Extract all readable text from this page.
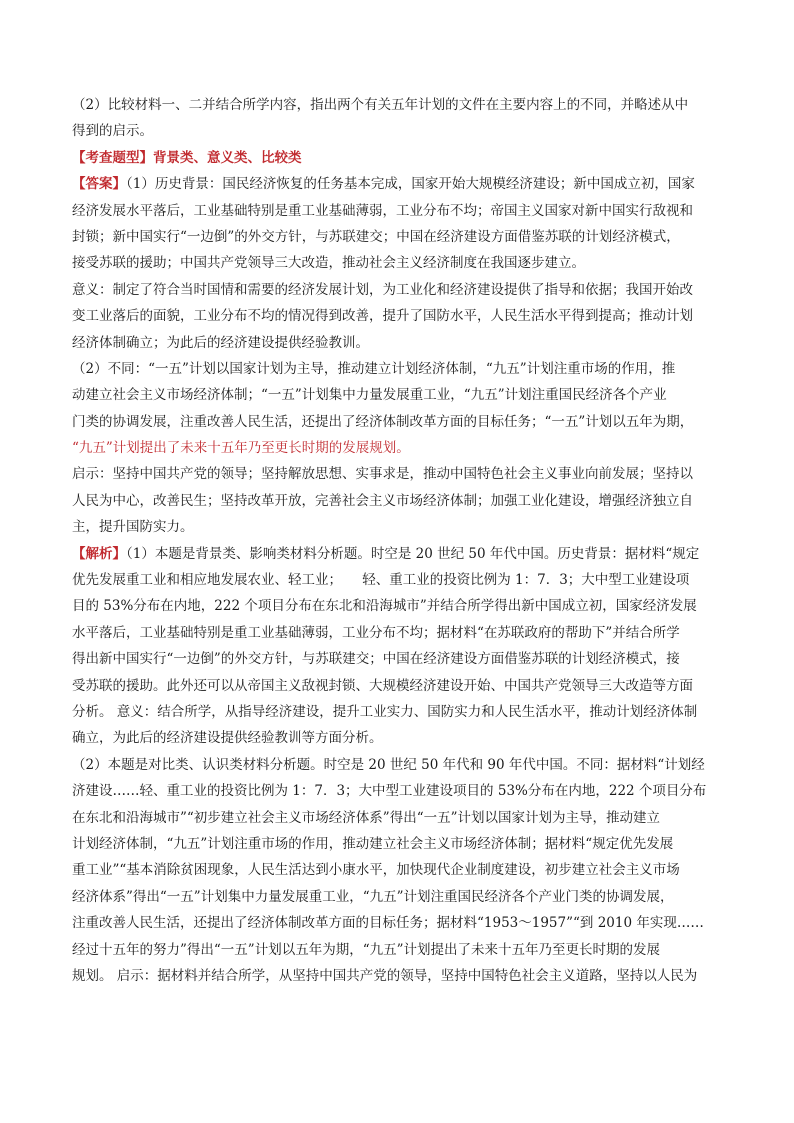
（2）比较材料一、二并结合所学内容，指出两个有关五年计划的文件在主要内容上的不同，并略述从中
得到的启示。
【考查题型】背景类、意义类、比较类
【答案】（1）历史背景：国民经济恢复的任务基本完成，国家开始大规模经济建设；新中国成立初，国家
经济发展水平落后，工业基础特别是重工业基础薄弱，工业分布不均；帝国主义国家对新中国实行敌视和
封锁；新中国实行“一边倒”的外交方针，与苏联建交；中国在经济建设方面借鉴苏联的计划经济模式，
接受苏联的援助；中国共产党领导三大改造，推动社会主义经济制度在我国逐步建立。
意义：制定了符合当时国情和需要的经济发展计划，为工业化和经济建设提供了指导和依据；我国开始改
变工业落后的面貌，工业分布不均的情况得到改善，提升了国防水平，人民生活水平得到提高；推动计划
经济体制确立；为此后的经济建设提供经验教训。
（2）不同：“一五”计划以国家计划为主导，推动建立计划经济体制，“九五”计划注重市场的作用，推
动建立社会主义市场经济体制；“一五”计划集中力量发展重工业，“九五”计划注重国民经济各个产业
门类的协调发展，注重改善人民生活，还提出了经济体制改革方面的目标任务；“一五”计划以五年为期，
“九五”计划提出了未来十五年乃至更长时期的发展规划。
启示：坚持中国共产党的领导；坚持解放思想、实事求是，推动中国特色社会主义事业向前发展；坚持以
人民为中心，改善民生；坚持改革开放，完善社会主义市场经济体制；加强工业化建设，增强经济独立自
主，提升国防实力。
【解析】（1）本题是背景类、影响类材料分析题。时空是 20 世纪 50 年代中国。历史背景：据材料“规定
优先发展重工业和相应地发展农业、轻工业；　　轻、重工业的投资比例为 1：7．3；大中型工业建设项
目的 53%分布在内地，222 个项目分布在东北和沿海城市”并结合所学得出新中国成立初，国家经济发展
水平落后，工业基础特别是重工业基础薄弱，工业分布不均；据材料“在苏联政府的帮助下”并结合所学
得出新中国实行“一边倒”的外交方针，与苏联建交；中国在经济建设方面借鉴苏联的计划经济模式，接
受苏联的援助。此外还可以从帝国主义敌视封锁、大规模经济建设开始、中国共产党领导三大改造等方面
分析。 意义：结合所学，从指导经济建设，提升工业实力、国防实力和人民生活水平，推动计划经济体制
确立，为此后的经济建设提供经验教训等方面分析。
（2）本题是对比类、认识类材料分析题。时空是 20 世纪 50 年代和 90 年代中国。不同：据材料“计划经
济建设……轻、重工业的投资比例为 1：7．3；大中型工业建设项目的 53%分布在内地，222 个项目分布
在东北和沿海城市”“初步建立社会主义市场经济体系”得出“一五”计划以国家计划为主导，推动建立
计划经济体制，“九五”计划注重市场的作用，推动建立社会主义市场经济体制；据材料“规定优先发展
重工业”“基本消除贫困现象，人民生活达到小康水平，加快现代企业制度建设，初步建立社会主义市场
经济体系”得出“一五”计划集中力量发展重工业，“九五”计划注重国民经济各个产业门类的协调发展，
注重改善人民生活，还提出了经济体制改革方面的目标任务；据材料“1953～1957”“到 2010 年实现……
经过十五年的努力”得出“一五”计划以五年为期，“九五”计划提出了未来十五年乃至更长时期的发展
规划。 启示：据材料并结合所学，从坚持中国共产党的领导，坚持中国特色社会主义道路，坚持以人民为
